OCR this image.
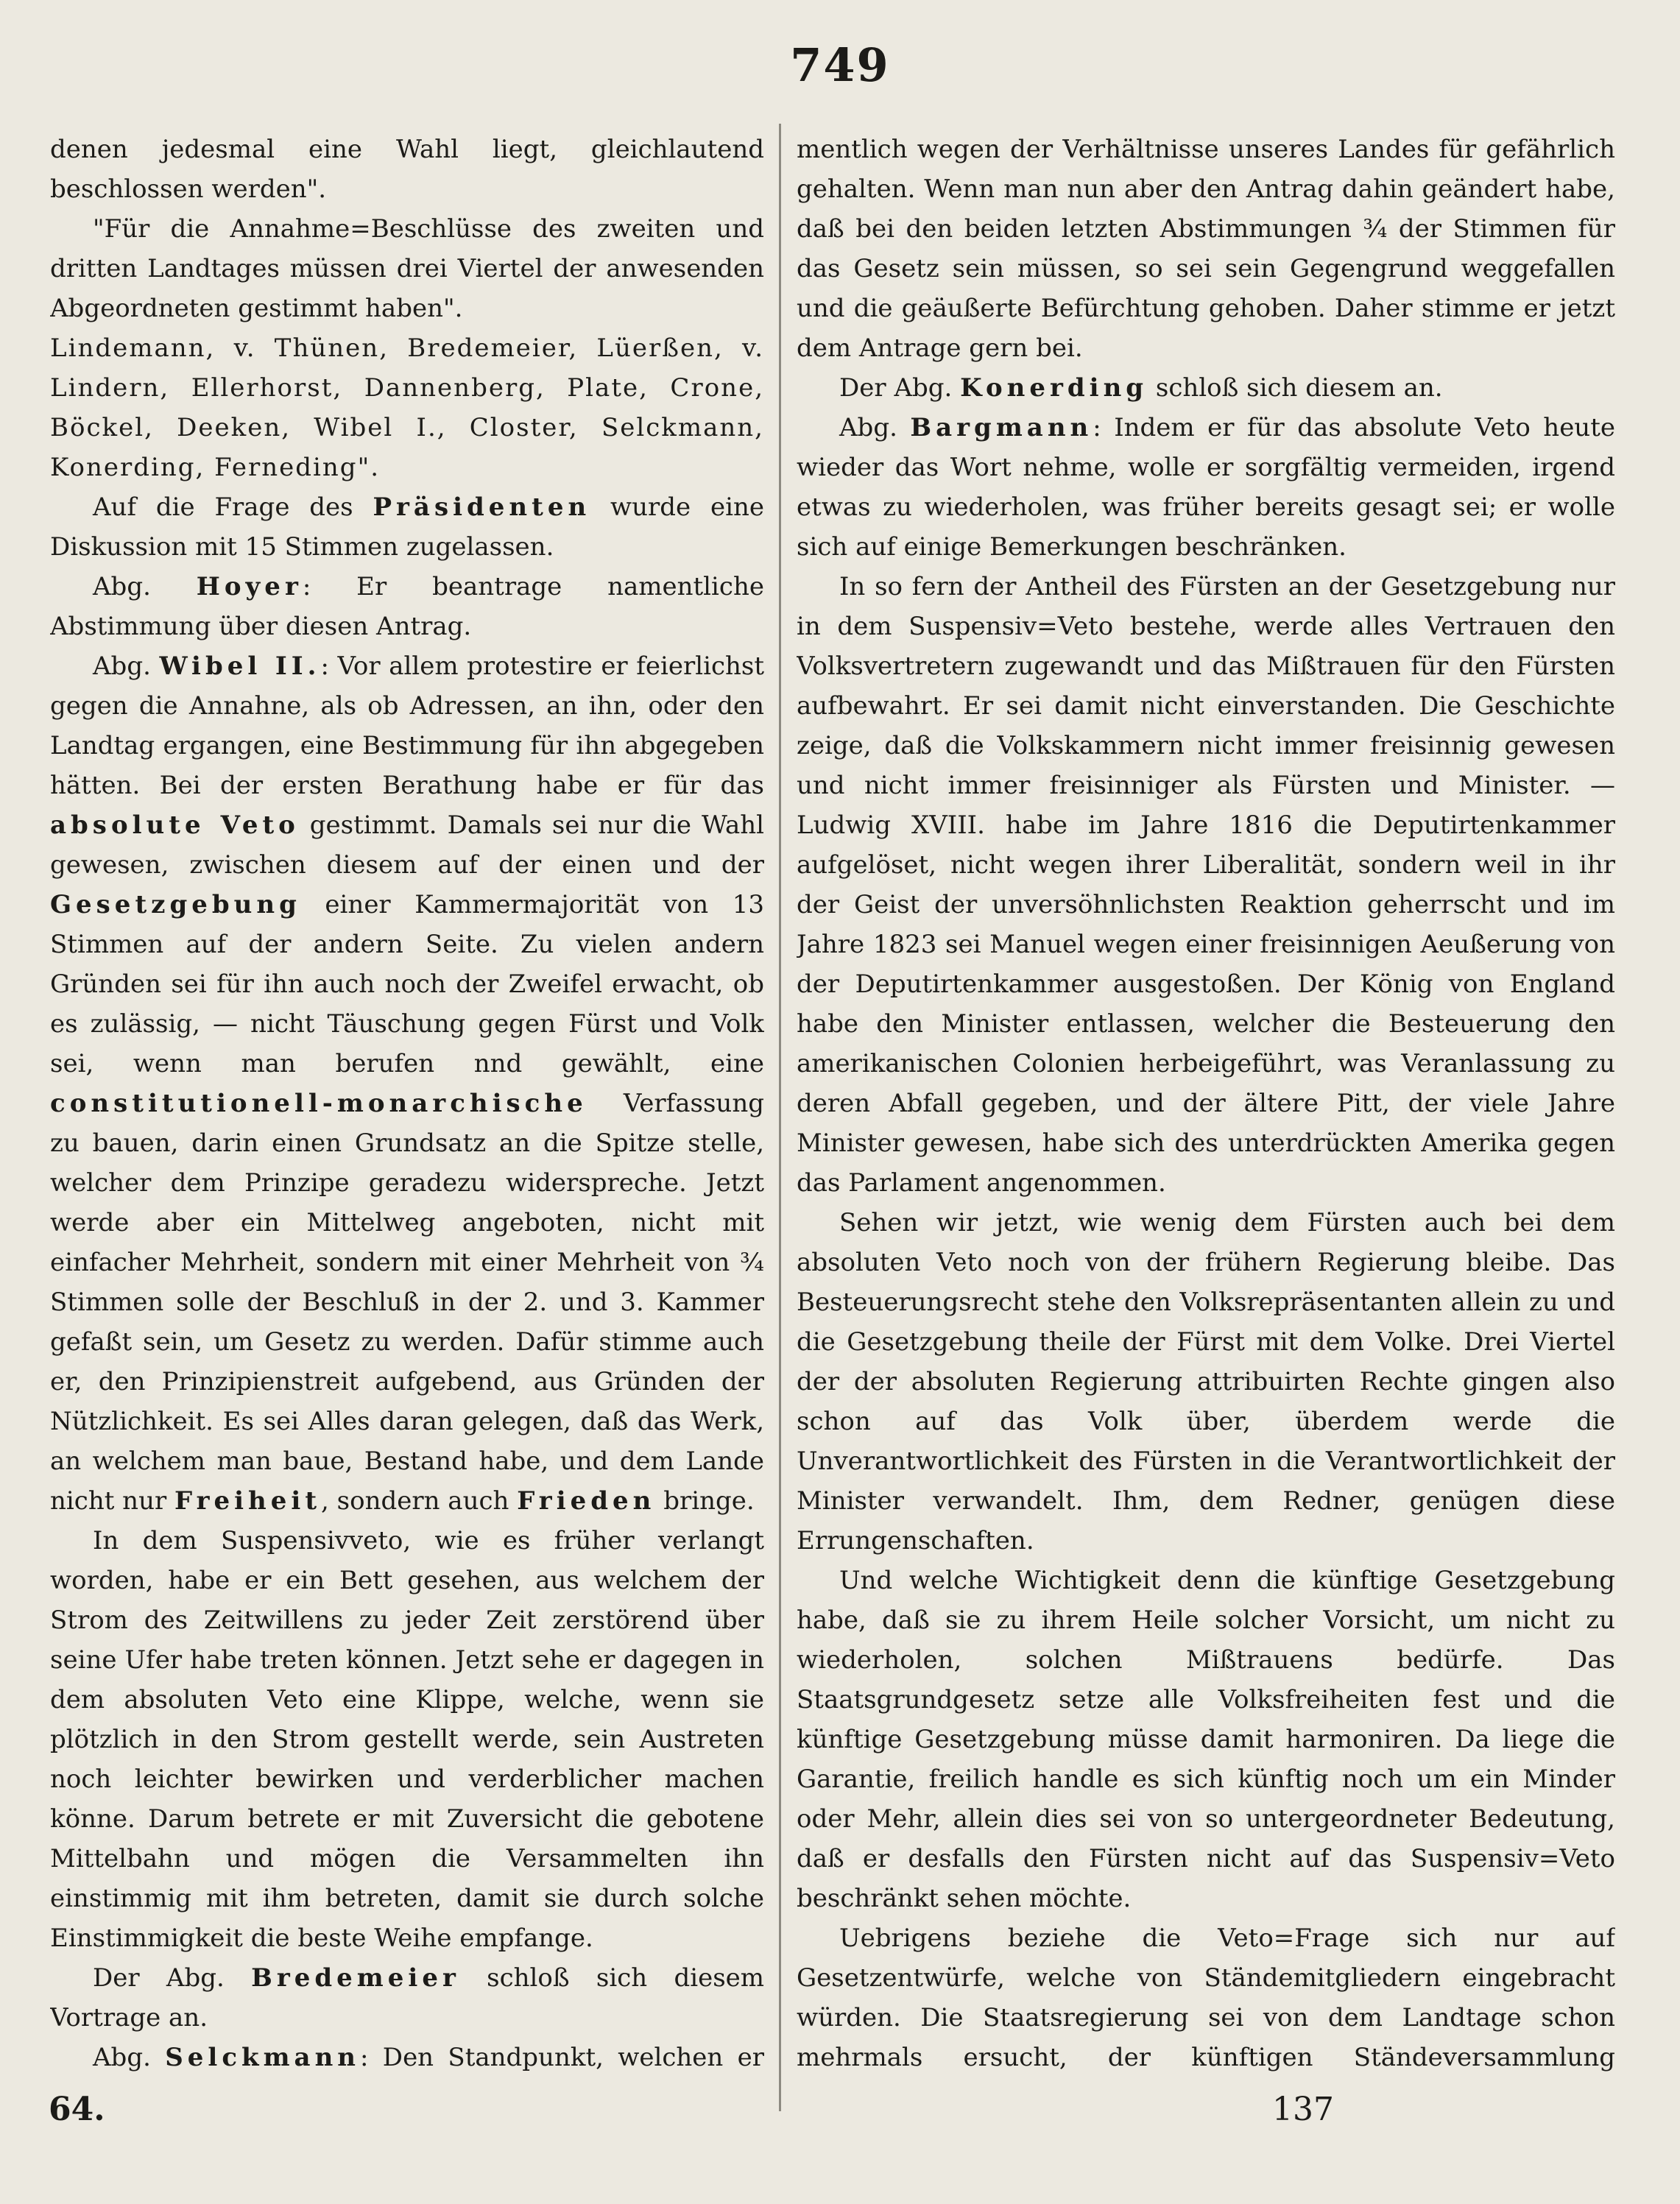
749

denen jedesmal eine Wahl liegt, gleichlautend beschlossen werden".

"Für die Annahme=Beschlüsse des zweiten und dritten Landtages müssen drei Viertel der anwesenden Abgeordneten gestimmt haben".

Lindemann, v. Thünen, Bredemeier, Lüerßen, v. Lindern, Ellerhorst, Dannenberg, Plate, Crone, Böckel, Deeken, Wibel I., Closter, Selckmann, Konerding, Ferneding".

Auf die Frage des Präsidenten wurde eine Diskussion mit 15 Stimmen zugelassen.

Abg. Hoyer: Er beantrage namentliche Abstimmung über diesen Antrag.

Abg. Wibel II.: Vor allem protestire er feierlichst gegen die Annahne, als ob Adressen, an ihn, oder den Landtag ergangen, eine Bestimmung für ihn abgegeben hätten. Bei der ersten Berathung habe er für das absolute Veto gestimmt. Damals sei nur die Wahl gewesen, zwischen diesem auf der einen und der Gesetzgebung einer Kammermajorität von 13 Stimmen auf der andern Seite. Zu vielen andern Gründen sei für ihn auch noch der Zweifel erwacht, ob es zulässig, — nicht Täuschung gegen Fürst und Volk sei, wenn man berufen nnd gewählt, eine constitutionell-monarchische Verfassung zu bauen, darin einen Grundsatz an die Spitze stelle, welcher dem Prinzipe geradezu widerspreche. Jetzt werde aber ein Mittelweg angeboten, nicht mit einfacher Mehrheit, sondern mit einer Mehrheit von ¾ Stimmen solle der Beschluß in der 2. und 3. Kammer gefaßt sein, um Gesetz zu werden. Dafür stimme auch er, den Prinzipienstreit aufgebend, aus Gründen der Nützlichkeit. Es sei Alles daran gelegen, daß das Werk, an welchem man baue, Bestand habe, und dem Lande nicht nur Freiheit, sondern auch Frieden bringe.

In dem Suspensivveto, wie es früher verlangt worden, habe er ein Bett gesehen, aus welchem der Strom des Zeitwillens zu jeder Zeit zerstörend über seine Ufer habe treten können. Jetzt sehe er dagegen in dem absoluten Veto eine Klippe, welche, wenn sie plötzlich in den Strom gestellt werde, sein Austreten noch leichter bewirken und verderblicher machen könne. Darum betrete er mit Zuversicht die gebotene Mittelbahn und mögen die Versammelten ihn einstimmig mit ihm betreten, damit sie durch solche Einstimmigkeit die beste Weihe empfange.

Der Abg. Bredemeier schloß sich diesem Vortrage an.

Abg. Selckmann: Den Standpunkt, welchen er

mentlich wegen der Verhältnisse unseres Landes für gefährlich gehalten. Wenn man nun aber den Antrag dahin geändert habe, daß bei den beiden letzten Abstimmungen ¾ der Stimmen für das Gesetz sein müssen, so sei sein Gegengrund weggefallen und die geäußerte Befürchtung gehoben. Daher stimme er jetzt dem Antrage gern bei.

Der Abg. Konerding schloß sich diesem an.

Abg. Bargmann: Indem er für das absolute Veto heute wieder das Wort nehme, wolle er sorgfältig vermeiden, irgend etwas zu wiederholen, was früher bereits gesagt sei; er wolle sich auf einige Bemerkungen beschränken.

In so fern der Antheil des Fürsten an der Gesetzgebung nur in dem Suspensiv=Veto bestehe, werde alles Vertrauen den Volksvertretern zugewandt und das Mißtrauen für den Fürsten aufbewahrt. Er sei damit nicht einverstanden. Die Geschichte zeige, daß die Volkskammern nicht immer freisinnig gewesen und nicht immer freisinniger als Fürsten und Minister. — Ludwig XVIII. habe im Jahre 1816 die Deputirtenkammer aufgelöset, nicht wegen ihrer Liberalität, sondern weil in ihr der Geist der unversöhnlichsten Reaktion geherrscht und im Jahre 1823 sei Manuel wegen einer freisinnigen Aeußerung von der Deputirtenkammer ausgestoßen. Der König von England habe den Minister entlassen, welcher die Besteuerung den amerikanischen Colonien herbeigeführt, was Veranlassung zu deren Abfall gegeben, und der ältere Pitt, der viele Jahre Minister gewesen, habe sich des unterdrückten Amerika gegen das Parlament angenommen.

Sehen wir jetzt, wie wenig dem Fürsten auch bei dem absoluten Veto noch von der frühern Regierung bleibe. Das Besteuerungsrecht stehe den Volksrepräsentanten allein zu und die Gesetzgebung theile der Fürst mit dem Volke. Drei Viertel der der absoluten Regierung attribuirten Rechte gingen also schon auf das Volk über, überdem werde die Unverantwortlichkeit des Fürsten in die Verantwortlichkeit der Minister verwandelt. Ihm, dem Redner, genügen diese Errungenschaften.

Und welche Wichtigkeit denn die künftige Gesetzgebung habe, daß sie zu ihrem Heile solcher Vorsicht, um nicht zu wiederholen, solchen Mißtrauens bedürfe. Das Staatsgrundgesetz setze alle Volksfreiheiten fest und die künftige Gesetzgebung müsse damit harmoniren. Da liege die Garantie, freilich handle es sich künftig noch um ein Minder oder Mehr, allein dies sei von so untergeordneter Bedeutung, daß er desfalls den Fürsten nicht auf das Suspensiv=Veto beschränkt sehen möchte.

Uebrigens beziehe die Veto=Frage sich nur auf Gesetzentwürfe, welche von Ständemitgliedern eingebracht würden. Die Staatsregierung sei von dem Landtage schon mehrmals ersucht, der künftigen Ständeversammlung

64.	137
